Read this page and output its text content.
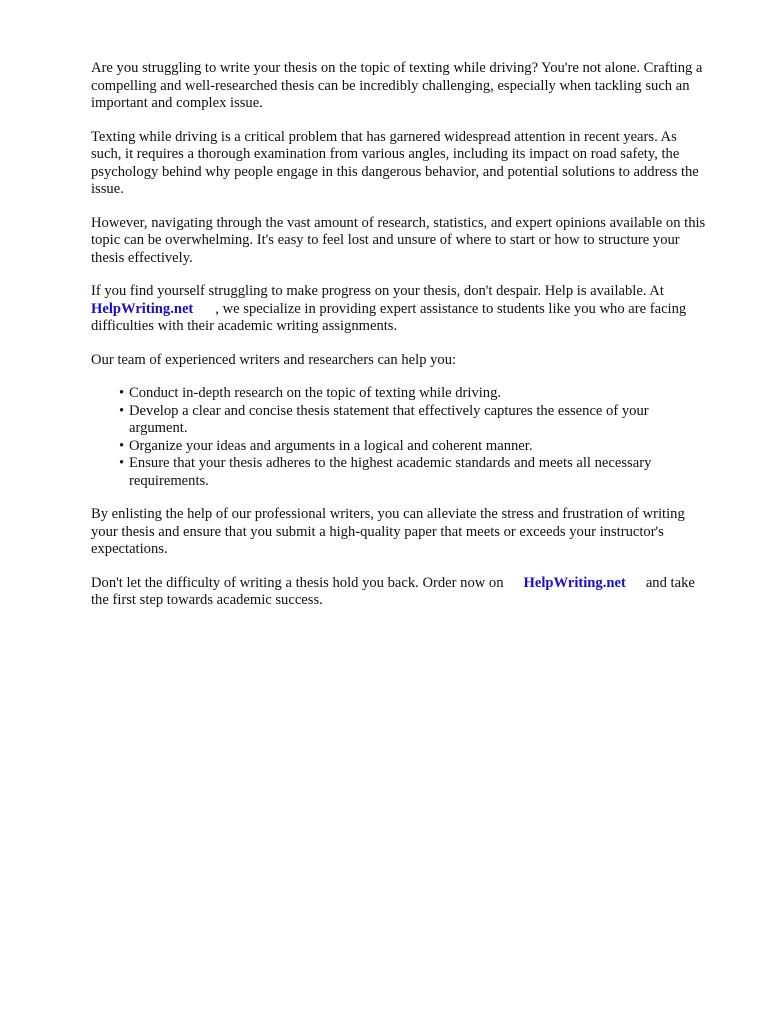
Are you struggling to write your thesis on the topic of texting while driving? You're not alone. Crafting a compelling and well-researched thesis can be incredibly challenging, especially when tackling such an important and complex issue.

Texting while driving is a critical problem that has garnered widespread attention in recent years. As such, it requires a thorough examination from various angles, including its impact on road safety, the psychology behind why people engage in this dangerous behavior, and potential solutions to address the issue.

However, navigating through the vast amount of research, statistics, and expert opinions available on this topic can be overwhelming. It's easy to feel lost and unsure of where to start or how to structure your thesis effectively.

If you find yourself struggling to make progress on your thesis, don't despair. Help is available. At
HelpWriting.net , we specialize in providing expert assistance to students like you who are facing difficulties with their academic writing assignments.

Our team of experienced writers and researchers can help you:

• Conduct in-depth research on the topic of texting while driving.
• Develop a clear and concise thesis statement that effectively captures the essence of your argument.
• Organize your ideas and arguments in a logical and coherent manner.
• Ensure that your thesis adheres to the highest academic standards and meets all necessary requirements.

By enlisting the help of our professional writers, you can alleviate the stress and frustration of writing your thesis and ensure that you submit a high-quality paper that meets or exceeds your instructor's expectations.

Don't let the difficulty of writing a thesis hold you back. Order now on HelpWriting.net and take the first step towards academic success.
